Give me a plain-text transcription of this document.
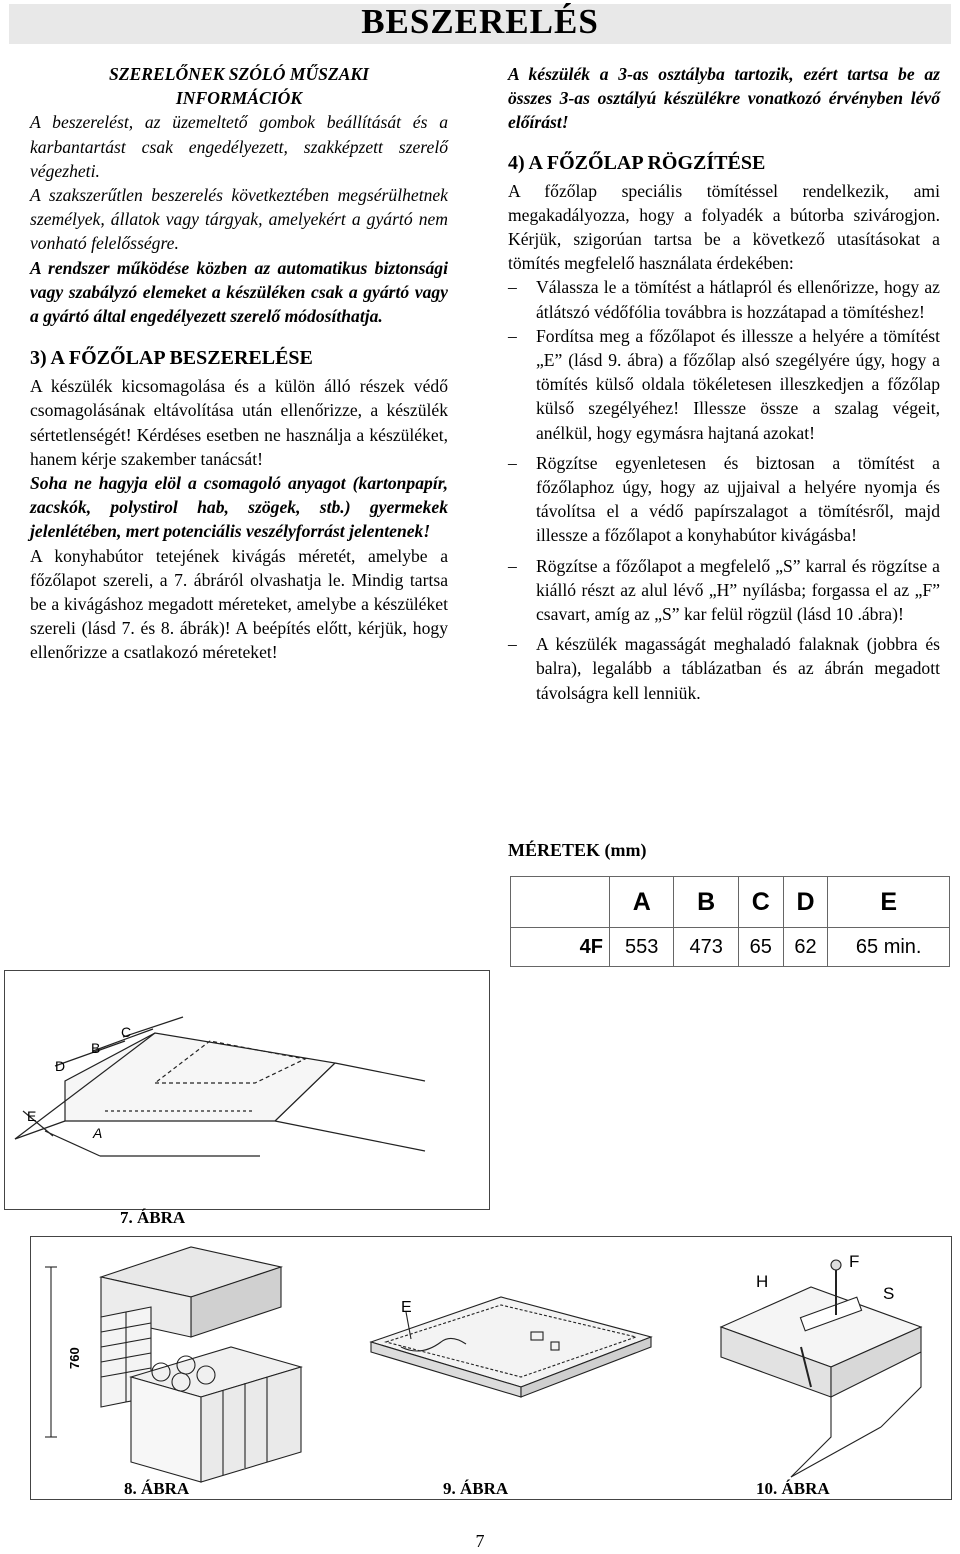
BESZERELÉS

SZERELŐNEK SZÓLÓ MŰSZAKI

INFORMÁCIÓK

A beszerelést, az üzemeltető gombok beállítását és a karbantartást csak engedélyezett, szakképzett szerelő végezheti.

A szakszerűtlen beszerelés következtében megsérülhetnek személyek, állatok vagy tárgyak, amelyekért a gyártó nem vonható felelősségre.

A rendszer működése közben az automatikus biztonsági vagy szabályzó elemeket a készüléken csak a gyártó vagy a gyártó által engedélyezett szerelő módosíthatja.

3) A FŐZŐLAP BESZERELÉSE

A készülék kicsomagolása és a külön álló részek védő csomagolásának eltávolítása után ellenőrizze, a készülék sértetlenségét! Kérdéses esetben ne használja a készüléket, hanem kérje szakember tanácsát!

Soha ne hagyja elöl a csomagoló anyagot (kartonpapír, zacskók, polystirol hab, szögek, stb.) gyermekek jelenlétében, mert potenciális veszélyforrást jelentenek!

A konyhabútor tetejének kivágás méretét, amelybe a főzőlapot szereli, a 7. ábráról olvashatja le. Mindig tartsa be a kivágáshoz megadott méreteket, amelybe a készüléket szereli (lásd 7. és 8. ábrák)! A beépítés előtt, kérjük, hogy ellenőrizze a csatlakozó méreteket!

A készülék a 3-as osztályba tartozik, ezért tartsa be az összes 3-as osztályú készülékre vonatkozó érvényben lévő előírást!

4) A FŐZŐLAP RÖGZÍTÉSE

A főzőlap speciális tömítéssel rendelkezik, ami megakadályozza, hogy a folyadék a bútorba szivárogjon. Kérjük, szigorúan tartsa be a következő utasításokat a tömítés megfelelő használata érdekében:

– Válassza le a tömítést a hátlapról és ellenőrizze, hogy az átlátszó védőfólia továbbra is hozzátapad a tömítéshez!

– Fordítsa meg a főzőlapot és illessze a helyére a tömítést „E” (lásd 9. ábra) a főzőlap alsó szegélyére úgy, hogy a tömítés külső oldala tökéletesen illeszkedjen a főzőlap külső szegélyéhez! Illessze össze a szalag végeit, anélkül, hogy egymásra hajtaná azokat!

– Rögzítse egyenletesen és biztosan a tömítést a főzőlaphoz úgy, hogy az ujjaival a helyére nyomja és távolítsa el a védő papírszalagot a tömítésről, majd illessze a főzőlapot a konyhabútor kivágásba!

– Rögzítse a főzőlapot a megfelelő „S” karral és rögzítse a kiálló részt az alul lévő „H” nyílásba; forgassa el az „F” csavart, amíg az „S” kar felül rögzül (lásd 10 .ábra)!

– A készülék magasságát meghaladó falaknak (jobbra és balra), legalább a táblázatban és az ábrán megadott távolságra kell lenniük.

MÉRETEK (mm)
	A	B	C	D	E
4F	553	473	65	62	65 min.
D
B
C
E
A
7. ÁBRA
760
E
H
F
S
8. ÁBRA	9. ÁBRA	10. ÁBRA
7
